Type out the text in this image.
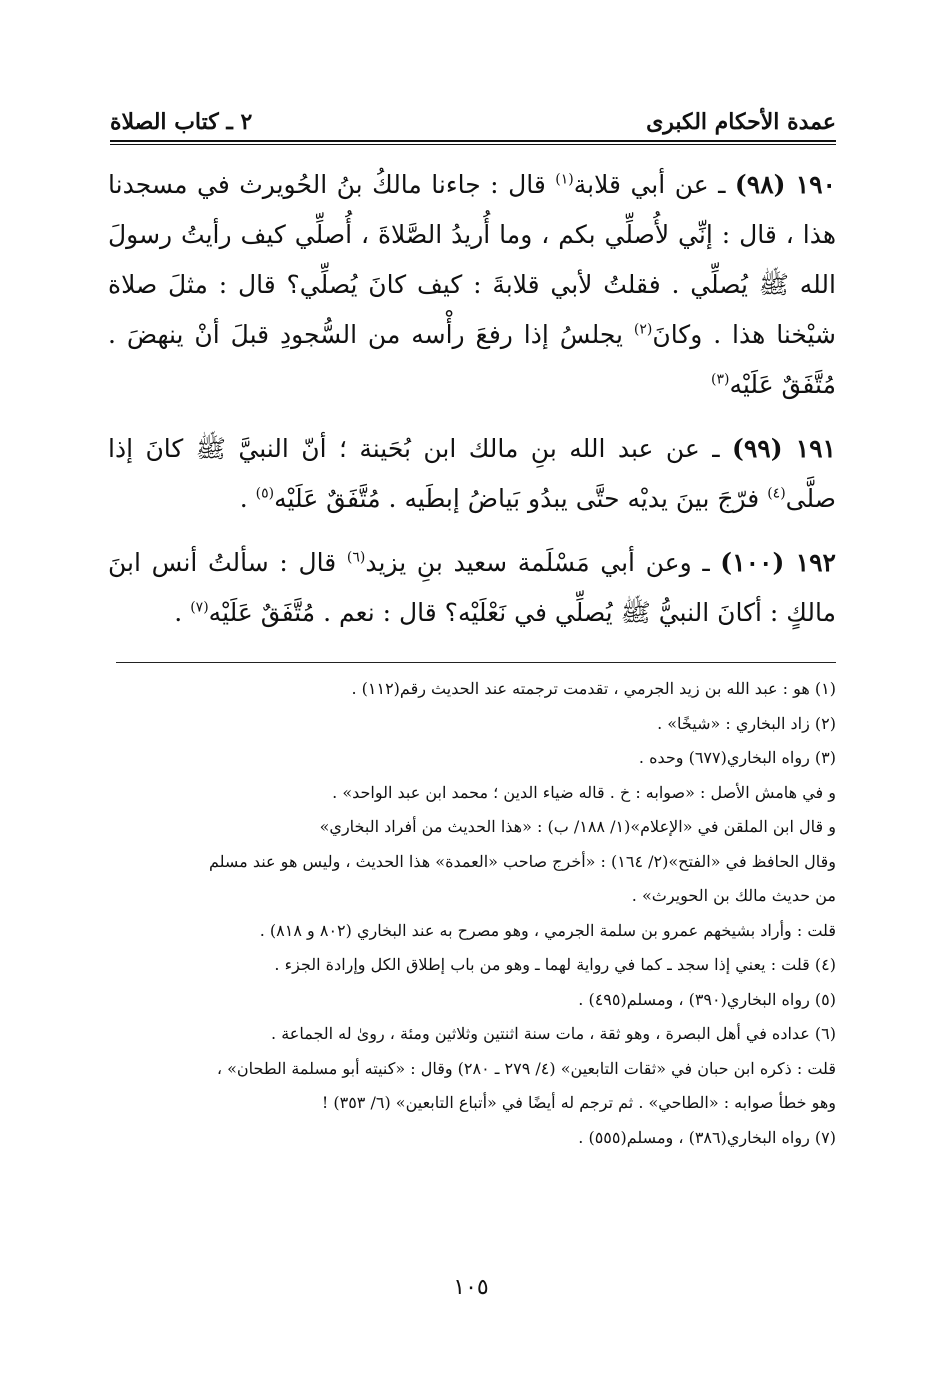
عمدة الأحكام الكبرى
٢ ـ كتاب الصلاة

١٩٠ (٩٨) ـ عن أبي قلابة$^{(١)}$ قال : جاءنا مالكُ بنُ الحُويرث في مسجدنا هذا ، قال : إنِّي لأُصلِّي بكم ، وما أُريدُ الصَّلاةَ ، أُصلِّي كيف رأيتُ رسولَ الله ﷺ يُصلِّي . فقلتُ لأبي قلابةَ : كيف كانَ يُصلِّي؟ قال : مثلَ صلاة شيْخنا هذا . وكانَ$^{(٢)}$ يجلسُ إذا رفعَ رأْسه من السُّجودِ قبلَ أنْ ينهضَ . مُتَّفَقٌ عَلَيْه$^{(٣)}$

١٩١ (٩٩) ـ عن عبد الله بنِ مالك ابن بُحَينة ؛ أنّ النبيَّ ﷺ كانَ إذا صلَّى$^{(٤)}$ فرّجَ بينَ يديْه حتَّى يبدُو بَياضُ إبطَيه . مُتَّفَقٌ عَلَيْه$^{(٥)}$ .

١٩٢ (١٠٠) ـ وعن أبي مَسْلَمة سعيد بنِ يزيد$^{(٦)}$ قال : سألتُ أنس ابنَ مالكٍ : أكانَ النبيُّ ﷺ يُصلِّي في نَعْلَيْه؟ قال : نعم . مُتَّفَقٌ عَلَيْه$^{(٧)}$ .

(١) هو : عبد الله بن زيد الجرمي ، تقدمت ترجمته عند الحديث رقم(١١٢) .

(٢) زاد البخاري : «شيخًا» .

(٣) رواه البخاري(٦٧٧) وحده .

و في هامش الأصل : «صوابه : خ . قاله ضياء الدين ؛ محمد ابن عبد الواحد» .

و قال ابن الملقن في «الإعلام»(١/ ١٨٨/ ب) : «هذا الحديث من أفراد البخاري»

وقال الحافظ في «الفتح»(٢/ ١٦٤) : «أخرج صاحب «العمدة» هذا الحديث ، وليس هو عند مسلم

من حديث مالك بن الحويرث» .

قلت : وأراد بشيخهم عمرو بن سلمة الجرمي ، وهو مصرح به عند البخاري (٨٠٢ و ٨١٨) .

(٤) قلت : يعني إذا سجد ـ كما في رواية لهما ـ وهو من باب إطلاق الكل وإرادة الجزء .

(٥) رواه البخاري(٣٩٠) ، ومسلم(٤٩٥) .

(٦) عداده في أهل البصرة ، وهو ثقة ، مات سنة اثنتين وثلاثين ومئة ، روىٰ له الجماعة .

قلت : ذكره ابن حبان في «ثقات التابعين» (٤/ ٢٧٩ ـ ٢٨٠) وقال : «كنيته أبو مسلمة الطحان» ،

وهو خطأ صوابه : «الطاحي» . ثم ترجم له أيضًا في «أتباع التابعين» (٦/ ٣٥٣) !

(٧) رواه البخاري(٣٨٦) ، ومسلم(٥٥٥) .

١٠٥
